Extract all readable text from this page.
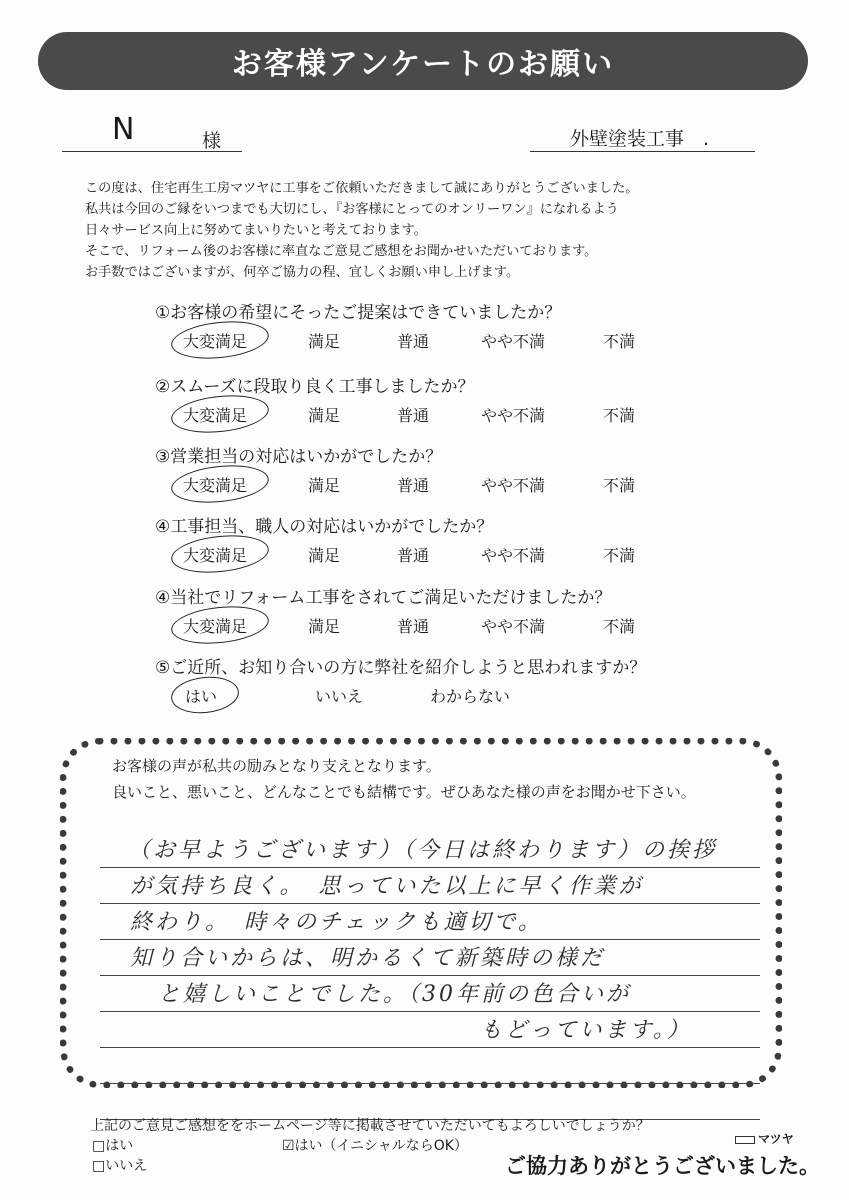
お客様アンケートのお願い
N	様	外壁塗装工事　.
この度は、住宅再生工房マツヤに工事をご依頼いただきまして誠にありがとうございました。
私共は今回のご縁をいつまでも大切にし、『お客様にとってのオンリーワン』になれるよう
日々サービス向上に努めてまいりたいと考えております。
そこで、リフォーム後のお客様に率直なご意見ご感想をお聞かせいただいております。
お手数ではございますが、何卒ご協力の程、宜しくお願い申し上げます。
①お客様の希望にそったご提案はできていましたか？
大変満足	満足	普通	やや不満	不満
②スムーズに段取り良く工事しましたか？
大変満足	満足	普通	やや不満	不満
③営業担当の対応はいかがでしたか？
大変満足	満足	普通	やや不満	不満
④工事担当、職人の対応はいかがでしたか？
大変満足	満足	普通	やや不満	不満
④当社でリフォーム工事をされてご満足いただけましたか？
大変満足	満足	普通	やや不満	不満
⑤ご近所、お知り合いの方に弊社を紹介しようと思われますか？
はい	いいえ	わからない
お客様の声が私共の励みとなり支えとなります。
良いこと、悪いこと、どんなことでも結構です。ぜひあなた様の声をお聞かせ下さい。
（お早ようございます）（今日は終わります）の挨拶
が気持ち良く。　思っていた以上に早く作業が
終わり。　時々のチェックも適切で。
知り合いからは、明かるくて新築時の様だ
と嬉しいことでした。（30年前の色合いが
もどっています。）
上記のご意見ご感想ををホームページ等に掲載させていただいてもよろしいでしょうか？
□はい
□いいえ
☑はい（イニシャルならOK）	マツヤ
ご協力ありがとうございました。
